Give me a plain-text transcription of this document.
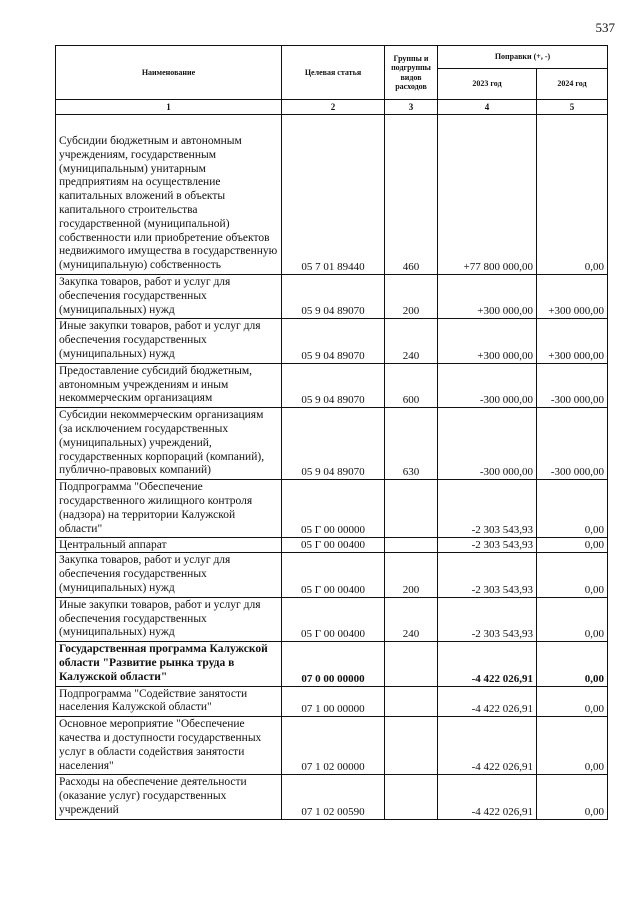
537
Наименование	Целевая статья	Группы и подгруппы видов расходов	Поправки (+, -)	
			2023 год	2024 год
1	2	3	4	5
Субсидии бюджетным и автономным учреждениям, государственным (муниципальным) унитарным предприятиям на осуществление капитальных вложений в объекты капитального строительства государственной (муниципальной) собственности или приобретение объектов недвижимого имущества в государственную (муниципальную) собственность	05 7 01 89440	460	+77 800 000,00	0,00
Закупка товаров, работ и услуг для обеспечения государственных (муниципальных) нужд	05 9 04 89070	200	+300 000,00	+300 000,00
Иные закупки товаров, работ и услуг для обеспечения государственных (муниципальных) нужд	05 9 04 89070	240	+300 000,00	+300 000,00
Предоставление субсидий бюджетным, автономным учреждениям и иным некоммерческим организациям	05 9 04 89070	600	-300 000,00	-300 000,00
Субсидии некоммерческим организациям (за исключением государственных (муниципальных) учреждений, государственных корпораций (компаний), публично-правовых компаний)	05 9 04 89070	630	-300 000,00	-300 000,00
Подпрограмма "Обеспечение государственного жилищного контроля (надзора) на территории Калужской области"	05 Г 00 00000		-2 303 543,93	0,00
Центральный аппарат	05 Г 00 00400		-2 303 543,93	0,00
Закупка товаров, работ и услуг для обеспечения государственных (муниципальных) нужд	05 Г 00 00400	200	-2 303 543,93	0,00
Иные закупки товаров, работ и услуг для обеспечения государственных (муниципальных) нужд	05 Г 00 00400	240	-2 303 543,93	0,00
Государственная программа Калужской области "Развитие рынка труда в Калужской области"	07 0 00 00000		-4 422 026,91	0,00
Подпрограмма "Содействие занятости населения Калужской области"	07 1 00 00000		-4 422 026,91	0,00
Основное мероприятие "Обеспечение качества и доступности государственных услуг в области содействия занятости населения"	07 1 02 00000		-4 422 026,91	0,00
Расходы на обеспечение деятельности (оказание услуг) государственных учреждений	07 1 02 00590		-4 422 026,91	0,00
